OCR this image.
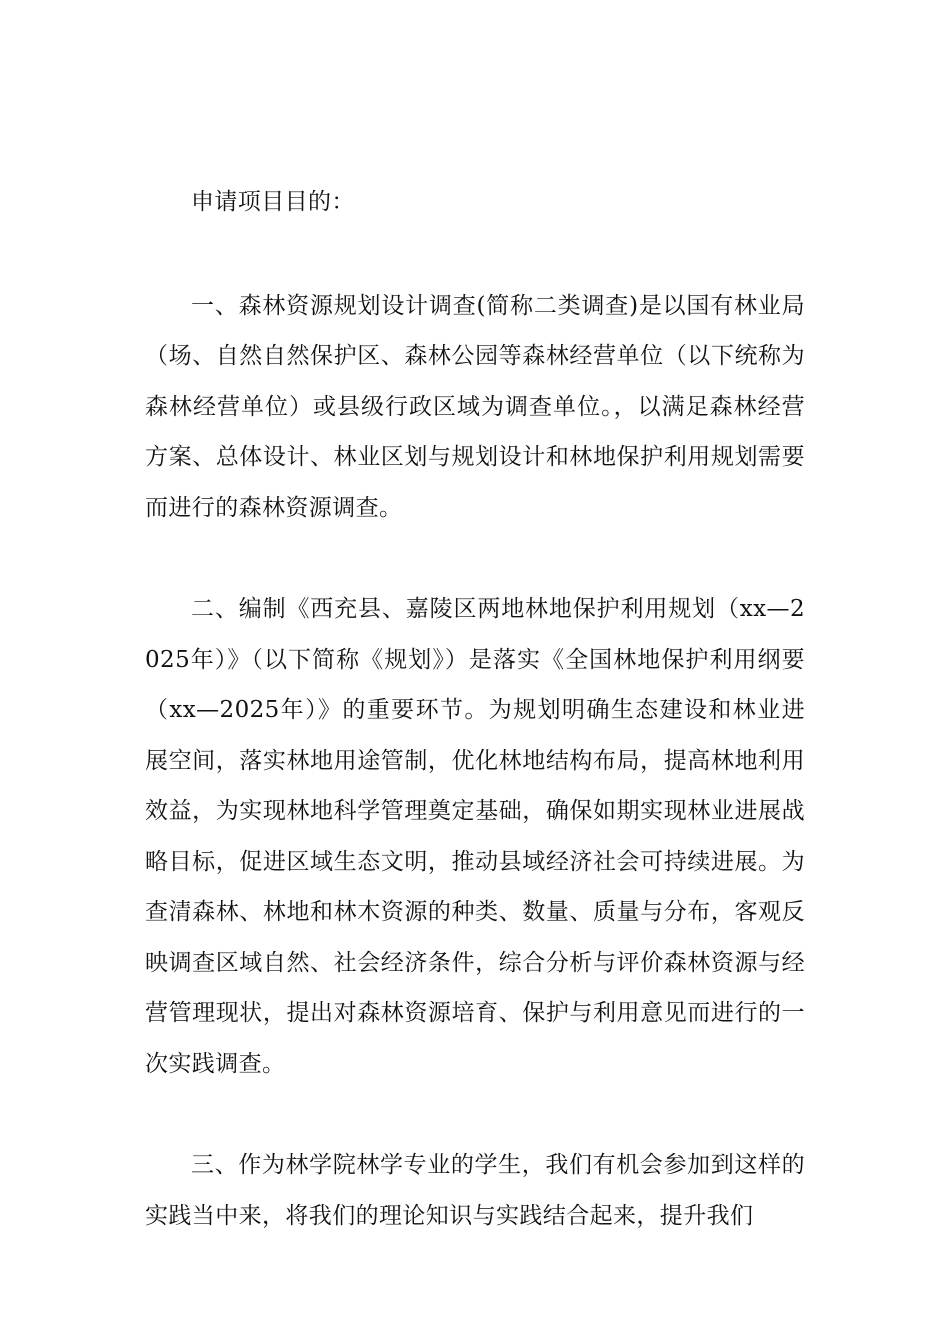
申请项目目的：

一、森林资源规划设计调查(简称二类调查)是以国有林业局（场、自然自然保护区、森林公园等森林经营单位（以下统称为森林经营单位）或县级行政区域为调查单位。，以满足森林经营方案、总体设计、林业区划与规划设计和林地保护利用规划需要而进行的森林资源调查。

二、编制《西充县、嘉陵区两地林地保护利用规划（xx—2025年）》（以下简称《规划》）是落实《全国林地保护利用纲要（xx—2025年）》的重要环节。为规划明确生态建设和林业进展空间，落实林地用途管制，优化林地结构布局，提高林地利用效益，为实现林地科学管理奠定基础，确保如期实现林业进展战略目标，促进区域生态文明，推动县域经济社会可持续进展。为查清森林、林地和林木资源的种类、数量、质量与分布，客观反映调查区域自然、社会经济条件，综合分析与评价森林资源与经营管理现状，提出对森林资源培育、保护与利用意见而进行的一次实践调查。

三、作为林学院林学专业的学生，我们有机会参加到这样的实践当中来，将我们的理论知识与实践结合起来，提升我们
